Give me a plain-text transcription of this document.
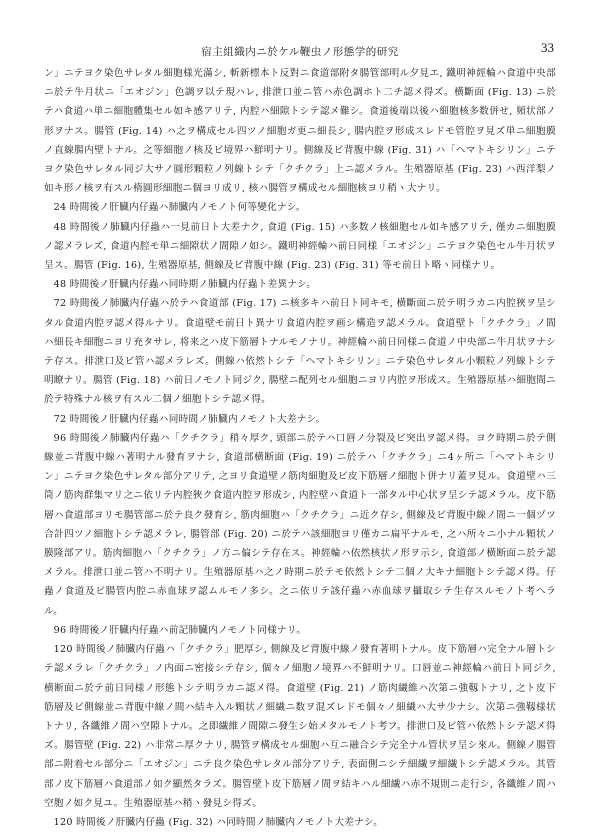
宿主組織内ニ於ケル鞭虫ノ形態学的研究	33

ン」ニテヨク染色サレタル細胞様光滿シ, 斬新標本ト反對ニ食道部附タ腸管部明ル夕見エ, 鐵明神經輪ハ食道中央部ニ於テ牛月状ニ「エオジン」色調ヲ以テ現ハレ, 排泄口並ニ管ハ赤色調ホト二チ認メ得ズ。横斷面 (Fig. 13) ニ於テハ食道ハ単ニ細胞體集セル如キ感アリテ, 内腔ハ細隙トシテ認メ難シ。食道後端以後ハ細胞核多数併せ, 頻状部ノ形ヲナス。腸管 (Fig. 14) ハ之ヲ構成セル四ツノ細胞ガ更ニ細長シ, 腸内腔ヲ形成スレドモ管腔ヲ見ズ単ニ細胞膜ノ直線腸内壁トナル。之等細胞ノ核及ビ境界ハ鮮明ナリ。側線及ビ背腹中線 (Fig. 31) ハ「ヘマトキシリン」ニテヨク染色サレタル同ジ大サノ圓形顆粒ノ列線トシテ「クチクラ」上ニ認メラル。生殖器原基 (Fig. 23) ハ西洋梨ノ如キ形ノ核ヲ有スル楕圓形細胞ニ個ヨリ成リ, 核ハ腸管ヲ構成セル細胞核ヨリ稍ヽ大ナリ。

24 時間後ノ肝臓内仔蟲ハ肺臓内ノモノト何等變化ナシ。

48 時間後ノ肺臓内仔蟲ハ一見前日ト大差ナク, 食道 (Fig. 15) ハ多数ノ核細胞セル如キ感アリテ, 僅カニ細胞膜ノ認メラレズ, 食道内腔モ単ニ細隙状ノ間隙ノ如シ。鐵明神經輪ハ前日同様「エオジン」ニテヨク染色セル牛月状ヲ呈ス。腸管 (Fig. 16), 生殖器原基, 側線及ビ背腹中線 (Fig. 23) (Fig. 31) 等モ前日ト略ヽ同様ナリ。

48 時間後ノ肝臓内仔蟲ハ同時期ノ肺臓内仔蟲ト差異ナシ。

72 時間後ノ肺臓内仔蟲ハ於テハ食道部 (Fig. 17) ニ核多キハ前日ト同キモ, 横斷面ニ於テ明ラカニ内腔狹ヲ呈シタル食道内腔ヲ認メ得ルナリ。食道壁モ前日ト異ナリ食道内腔ヲ画シ構造ヲ認メラル。食道壁ト「クチクラ」ノ間ハ細長キ細胞ニヨリ充タサレ, 将来之ハ皮下筋層トナルモノナリ。神經輪ハ前日同様ニ食道ノ中央部ニ牛月状ヲナシテ存ス。排泄口及ビ管ハ認メラレズ。側線ハ依然トシテ「ヘマトキシリン」ニテ染色サレタル小顆粒ノ列線トシテ明瞭ナリ。腸管 (Fig. 18) ハ前日ノモノト同ジク, 腸壁ニ配列セル細胞ニヨリ内腔ヲ形成ス。生殖器原基ハ細胞間ニ於テ特殊ナル核ヲ有スル二個ノ細胞トシテ認メ得。

72 時間後ノ肝臓内仔蟲ハ同時間ノ肺臓内ノモノト大差ナシ。

96 時間後ノ肺臓内仔蟲ハ「クチクラ」稍々厚ク, 頭部ニ於テハ口唇ノ分裂及ビ突出ヲ認メ得。ヨク時期ニ於テ側線並ニ背腹中線ハ著明ナル發育ヲナシ, 食道部横断面 (Fig. 19) ニ於テハ「クチクラ」ニ4ヶ所ニ「ヘマトキシリン」ニテヨク染色サレタル部分アリテ, 之ヨリ食道壁ノ筋肉細胞及ビ皮下筋層ノ細胞ト併ナリ蓋ヲ見ル。食道壁ハ三筒ノ筋肉群集マリ之ニ依リテ内腔狹ク食道内腔ヲ形成シ, 内腔壁ハ食道ト一部タル中心状ヲ呈シテ認メラル。皮下筋層ハ食道部ヨリモ腸管部ニ於テ良ク發育シ, 筋肉細胞ハ「クチクラ」ニ近ク存シ, 側線及ビ背腹中線ノ間ニ一個ヅツ合計四ツノ細胞トシテ認メラレ, 腸管部 (Fig. 20) ニ於テハ該細胞ヨリ僅カニ扁平ナルモ, 之ハ所々ニ小ナル顆状ノ膜隆部アリ。筋肉細胞ハ「クチクラ」ノ方ニ偏シテ存在ス。神經輪ハ依然核状ノ形ヲ示シ, 食道部ノ横断面ニ於テ認メラル。排泄口並ニ管ハ不明ナリ。生殖器原基ハ之ノ時期ニ於テモ依然トシテ二個ノ大キナ細胞トシテ認メ得。仔蟲ノ食道及ビ腸管内腔ニ赤血球ヲ認ムルモノ多シ。之ニ依リテ該仔蟲ハ赤血球ヲ攝取シテ生存スルモノト考ヘラル。

96 時間後ノ肝臓内仔蟲ハ前記肺臓内ノモノト同様ナリ。

120 時間後ノ肺臓内仔蟲ハ「クチクラ」肥厚シ, 側線及ビ背腹中線ノ發育著明トナル。皮下筋層ハ完全ナル層トシテ認メラレ「クチクラ」ノ内面ニ密接シテ存シ, 個々ノ細胞ノ境界ハ不鮮明ナリ。口唇並ニ神經輪ハ前日ト同ジク, 横断面ニ於テ前日同様ノ形態トシテ明ラカニ認メ得。食道壁 (Fig. 21) ノ筋肉繊維ハ次第ニ強靱トナリ, 之ト皮下筋層及ビ側線並ニ背腹中線ノ間ハ結キ入ル顆状ノ細繊ニ数ヲ混ズレドモ個々ノ細繊ハ大サ少ナシ。次第ニ強靱様状トナリ, 各纖維ノ間ハ空隙トナル。之即繊維ノ間隙ニ發生シ始メタルモノト考フ。排泄口及ビ管ハ依然トシテ認メ得ズ。腸管壁 (Fig. 22) ハ非常ニ厚クナリ, 腸管ヲ構成セル細胞ハ互ニ融合シテ完全ナル管状ヲ呈シ來ル。側線ノ腸管部ニ附着セル部分ニ「エオジン」ニテ良ク染色サレタル部分アリテ, 表面側ニシテ細繊ヲ細繊トシテ認メラル。其管部ノ皮下筋層ハ食道部ノ如ク顯然タラズ。腸管壁ト皮下筋層ノ間ヲ結キハル細繊ハ赤不規則ニ走行シ, 各纖維ノ間ハ空胞ノ如ク見ユ。生殖器原基ハ稍ヽ發見シ得ズ。

120 時間後ノ肝臓内仔蟲 (Fig. 32) ハ同時間ノ肺臓内ノモノト大差ナシ。
